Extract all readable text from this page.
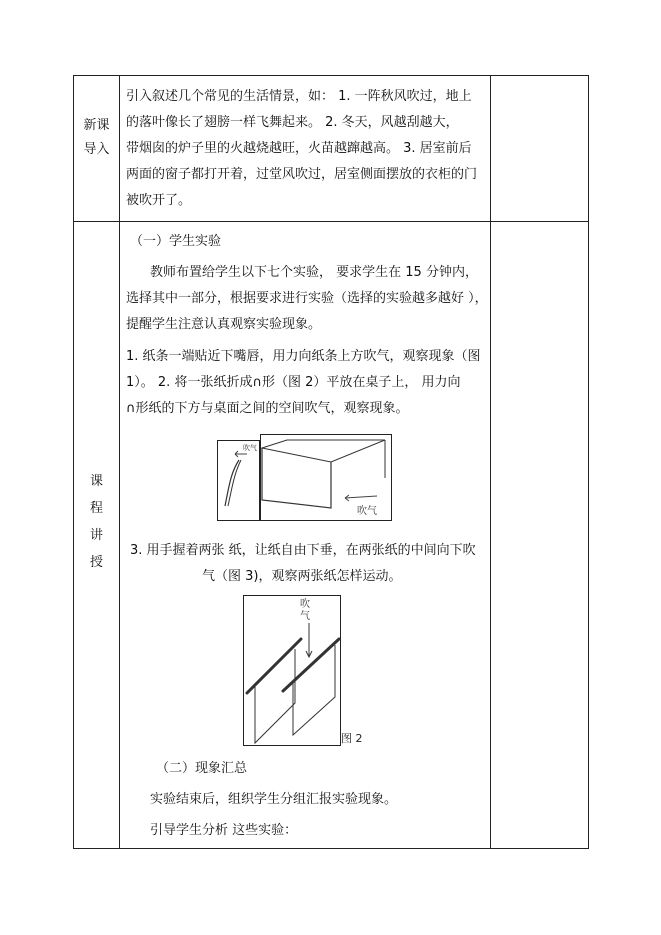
新课
导入
引入叙述几个常见的生活情景，如： 1. 一阵秋风吹过，地上
的落叶像长了翅膀一样飞舞起来。 2. 冬天，风越刮越大，
带烟囱的炉子里的火越烧越旺，火苗越蹿越高。 3. 居室前后
两面的窗子都打开着，过堂风吹过，居室侧面摆放的衣柜的门
被吹开了。
课
程
讲
授
（一）学生实验
教师布置给学生以下七个实验， 要求学生在 15 分钟内，
选择其中一部分，根据要求进行实验（选择的实验越多越好 ），
提醒学生注意认真观察实验现象。
1. 纸条一端贴近下嘴唇，用力向纸条上方吹气，观察现象（图
1）。 2. 将一张纸折成∩形（图 2）平放在桌子上， 用力向
∩形纸的下方与桌面之间的空间吹气，观察现象。
吹气
吹气
3. 用手握着两张 纸，让纸自由下垂，在两张纸的中间向下吹
气（图 3)，观察两张纸怎样运动。
吹
气
图 2
（二）现象汇总
实验结束后，组织学生分组汇报实验现象。
引导学生分析 这些实验：
